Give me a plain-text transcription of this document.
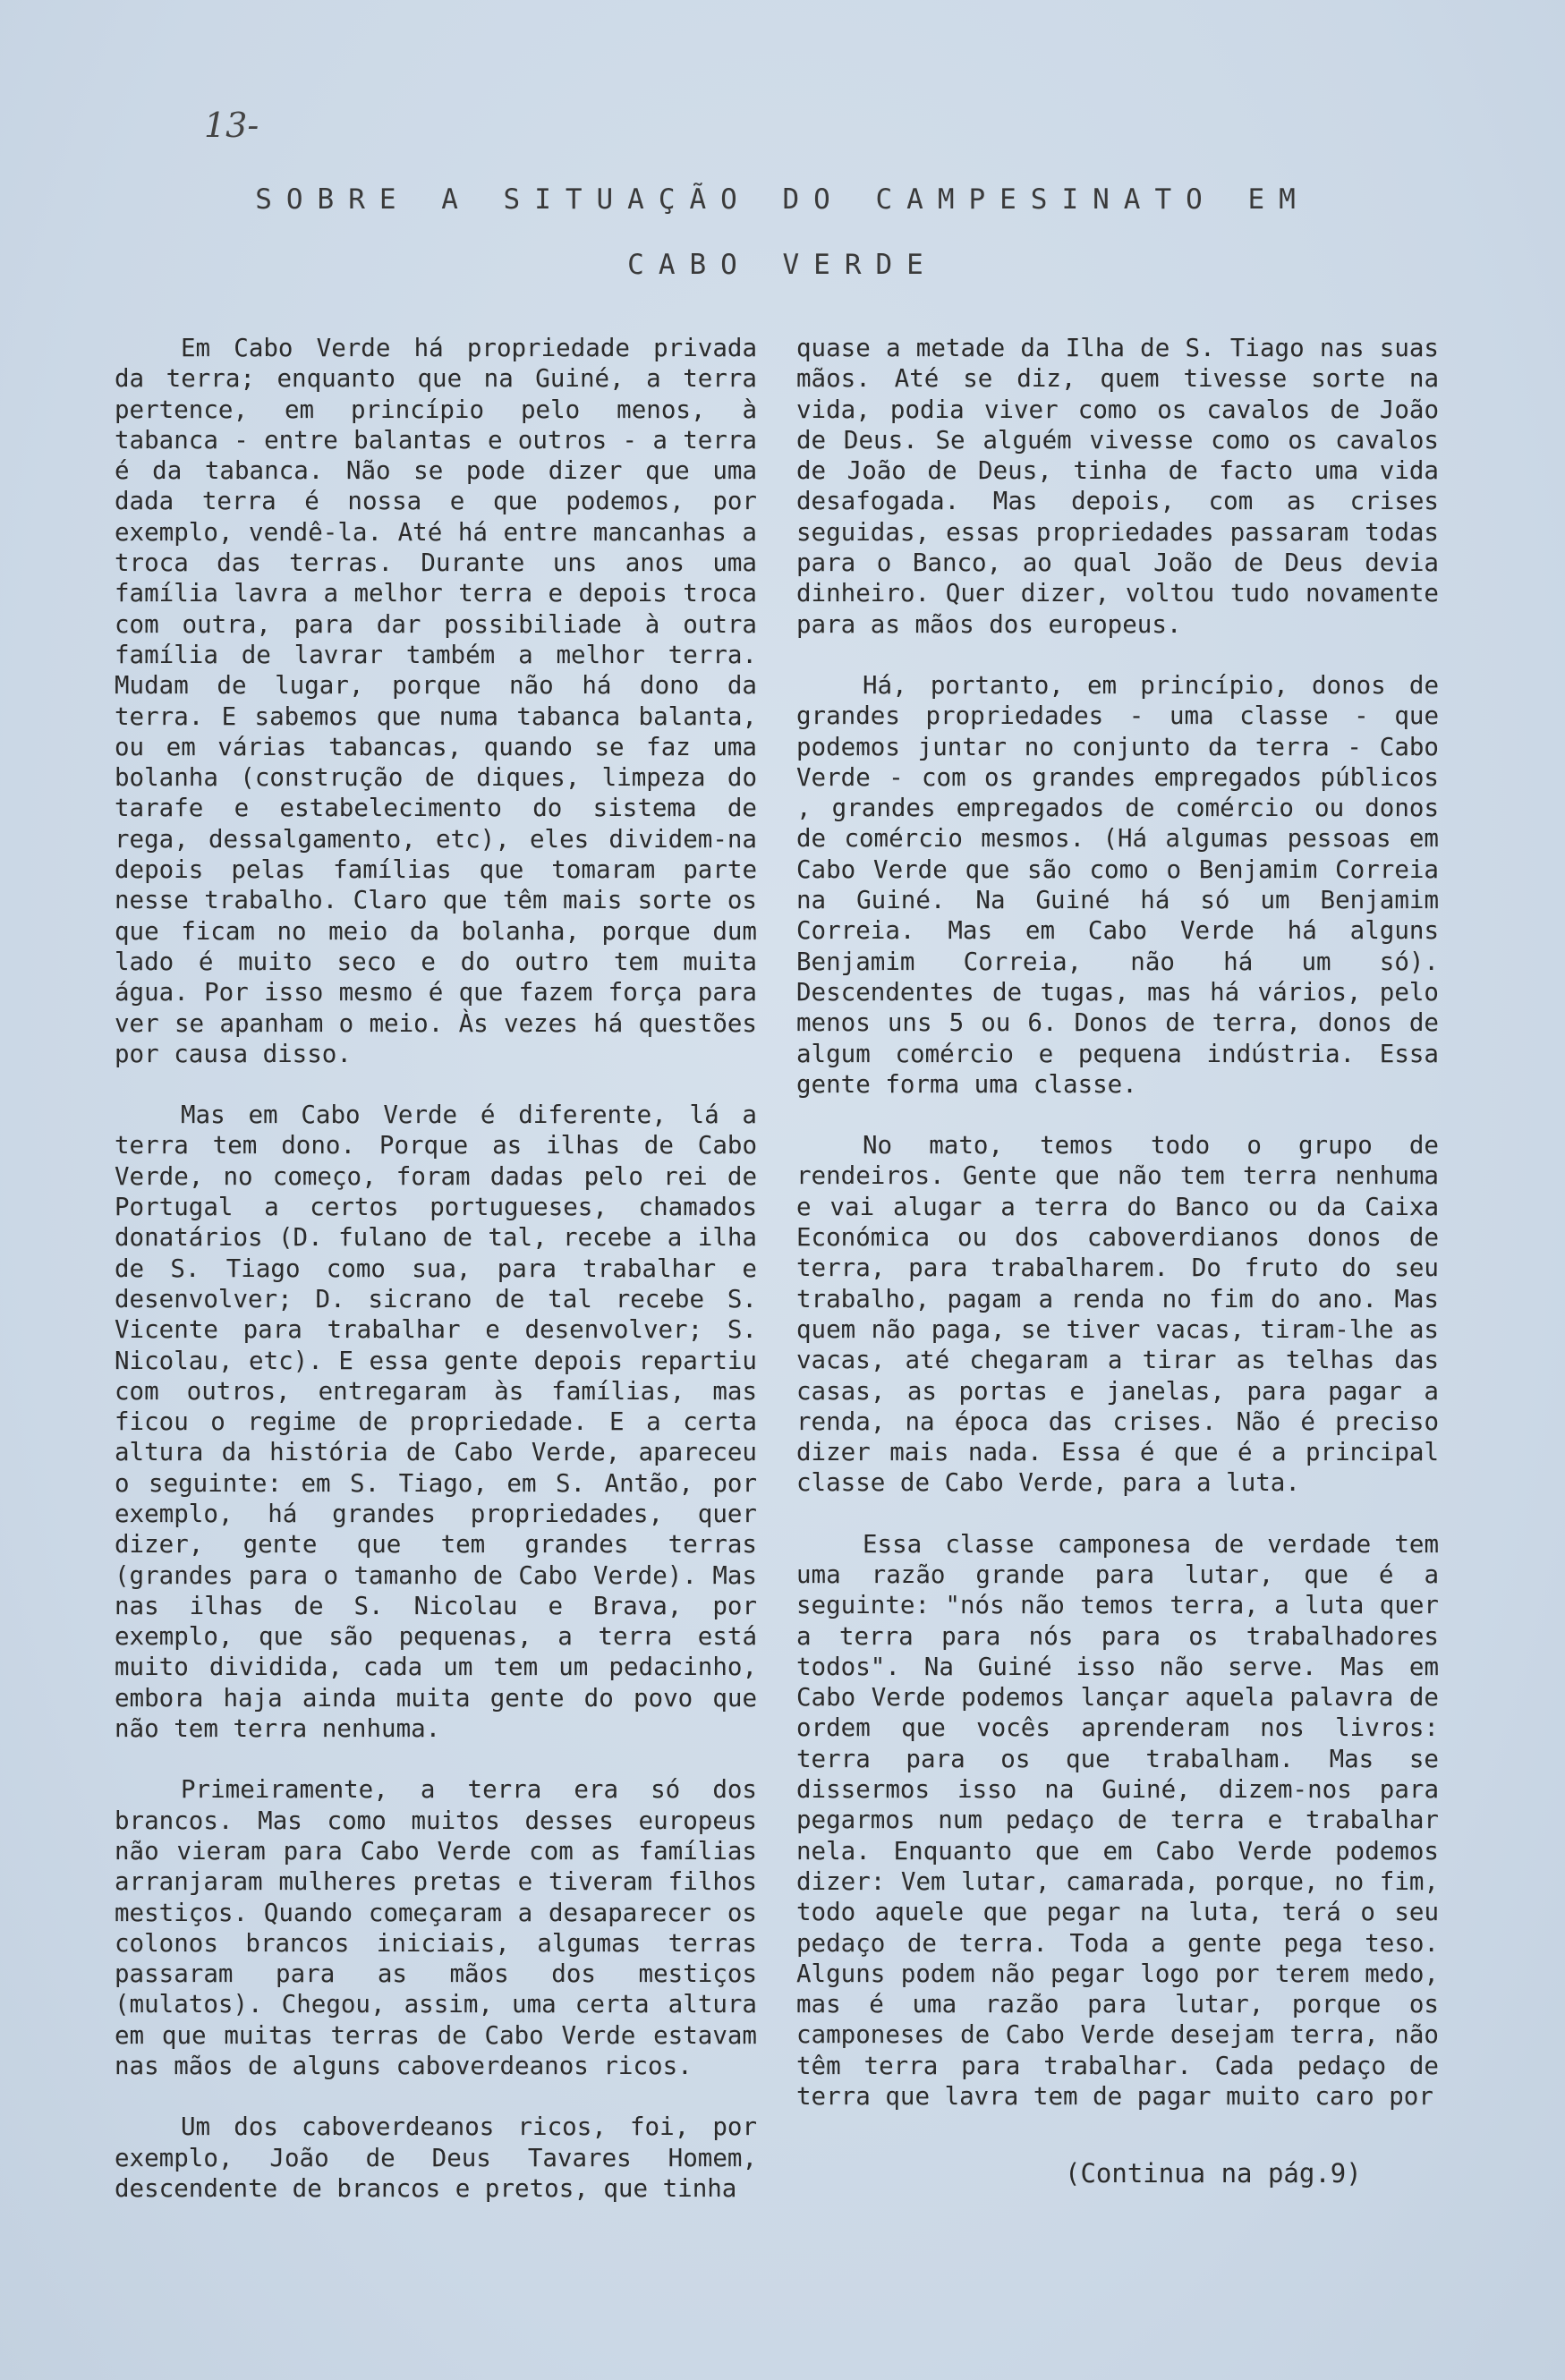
13-
SOBRE A SITUAÇÃO DO CAMPESINATO EM
CABO VERDE

Em Cabo Verde há propriedade privada da terra; enquanto que na Guiné, a terra pertence, em princípio pelo menos, à tabanca - entre balantas e outros - a terra é da tabanca. Não se pode dizer que uma dada terra é nossa e que podemos, por exemplo, vendê-la. Até há entre mancanhas a troca das terras. Durante uns anos uma família lavra a melhor terra e depois troca com outra, para dar possibiliade à outra família de lavrar também a melhor terra. Mudam de lugar, porque não há dono da terra. E sabemos que numa tabanca balanta, ou em várias tabancas, quando se faz uma bolanha (construção de diques, limpeza do tarafe e estabelecimento do sistema de rega, dessalgamento, etc), eles dividem-na depois pelas famílias que tomaram parte nesse trabalho. Claro que têm mais sorte os que ficam no meio da bolanha, porque dum lado é muito seco e do outro tem muita água. Por isso mesmo é que fazem força para ver se apanham o meio. Às vezes há questões por causa disso.

Mas em Cabo Verde é diferente, lá a terra tem dono. Porque as ilhas de Cabo Verde, no começo, foram dadas pelo rei de Portugal a certos portugueses, chamados donatários (D. fulano de tal, recebe a ilha de S. Tiago como sua, para trabalhar e desenvolver; D. sicrano de tal recebe S. Vicente para trabalhar e desenvolver; S. Nicolau, etc). E essa gente depois repartiu com outros, entregaram às famílias, mas ficou o regime de propriedade. E a certa altura da história de Cabo Verde, apareceu o seguinte: em S. Tiago, em S. Antão, por exemplo, há grandes propriedades, quer dizer, gente que tem grandes terras (grandes para o tamanho de Cabo Verde). Mas nas ilhas de S. Nicolau e Brava, por exemplo, que são pequenas, a terra está muito dividida, cada um tem um pedacinho, embora haja ainda muita gente do povo que não tem terra nenhuma.

Primeiramente, a terra era só dos brancos. Mas como muitos desses europeus não vieram para Cabo Verde com as famílias arranjaram mulheres pretas e tiveram filhos mestiços. Quando começaram a desaparecer os colonos brancos iniciais, algumas terras passaram para as mãos dos mestiços (mulatos). Chegou, assim, uma certa altura em que muitas terras de Cabo Verde estavam nas mãos de alguns caboverdeanos ricos.

Um dos caboverdeanos ricos, foi, por exemplo, João de Deus Tavares Homem, descendente de brancos e pretos, que tinha

quase a metade da Ilha de S. Tiago nas suas mãos. Até se diz, quem tivesse sorte na vida, podia viver como os cavalos de João de Deus. Se alguém vivesse como os cavalos de João de Deus, tinha de facto uma vida desafogada. Mas depois, com as crises seguidas, essas propriedades passaram todas para o Banco, ao qual João de Deus devia dinheiro. Quer dizer, voltou tudo novamente para as mãos dos europeus.

Há, portanto, em princípio, donos de grandes propriedades - uma classe - que podemos juntar no conjunto da terra - Cabo Verde - com os grandes empregados públicos , grandes empregados de comércio ou donos de comércio mesmos. (Há algumas pessoas em Cabo Verde que são como o Benjamim Correia na Guiné. Na Guiné há só um Benjamim Correia. Mas em Cabo Verde há alguns Benjamim Correia, não há um só). Descendentes de tugas, mas há vários, pelo menos uns 5 ou 6. Donos de terra, donos de algum comércio e pequena indústria. Essa gente forma uma classe.

No mato, temos todo o grupo de rendeiros. Gente que não tem terra nenhuma e vai alugar a terra do Banco ou da Caixa Económica ou dos caboverdianos donos de terra, para trabalharem. Do fruto do seu trabalho, pagam a renda no fim do ano. Mas quem não paga, se tiver vacas, tiram-lhe as vacas, até chegaram a tirar as telhas das casas, as portas e janelas, para pagar a renda, na época das crises. Não é preciso dizer mais nada. Essa é que é a principal classe de Cabo Verde, para a luta.

Essa classe camponesa de verdade tem uma razão grande para lutar, que é a seguinte: "nós não temos terra, a luta quer a terra para nós para os trabalhadores todos". Na Guiné isso não serve. Mas em Cabo Verde podemos lançar aquela palavra de ordem que vocês aprenderam nos livros: terra para os que trabalham. Mas se dissermos isso na Guiné, dizem-nos para pegarmos num pedaço de terra e trabalhar nela. Enquanto que em Cabo Verde podemos dizer: Vem lutar, camarada, porque, no fim, todo aquele que pegar na luta, terá o seu pedaço de terra. Toda a gente pega teso. Alguns podem não pegar logo por terem medo, mas é uma razão para lutar, porque os camponeses de Cabo Verde desejam terra, não têm terra para trabalhar. Cada pedaço de terra que lavra tem de pagar muito caro por

(Continua na pág.9)
